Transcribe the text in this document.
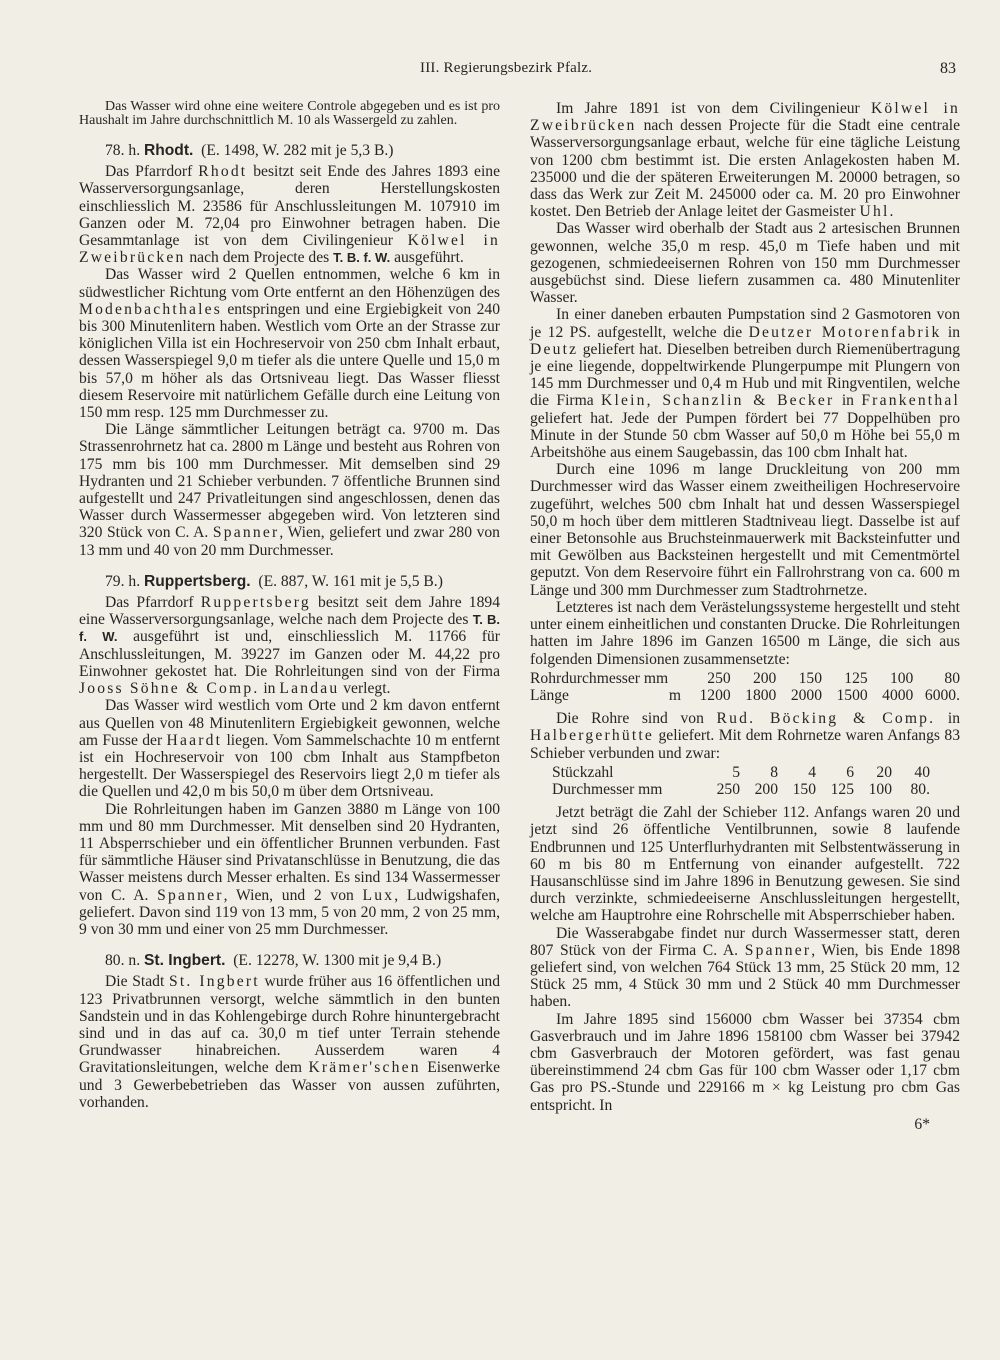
III. Regierungsbezirk Pfalz.	83

Das Wasser wird ohne eine weitere Controle abgegeben und es ist pro Haushalt im Jahre durchschnittlich M. 10 als Wassergeld zu zahlen.

78. h. Rhodt. (E. 1498, W. 282 mit je 5,3 B.)

Das Pfarrdorf Rhodt besitzt seit Ende des Jahres 1893 eine Wasserversorgungsanlage, deren Herstellungskosten einschliesslich M. 23586 für Anschlussleitungen M. 107910 im Ganzen oder M. 72,04 pro Einwohner betragen haben. Die Gesammtanlage ist von dem Civilingenieur Kölwel in Zweibrücken nach dem Projecte des T. B. f. W. ausgeführt.

Das Wasser wird 2 Quellen entnommen, welche 6 km in südwestlicher Richtung vom Orte entfernt an den Höhenzügen des Modenbachthales entspringen und eine Ergiebigkeit von 240 bis 300 Minutenlitern haben. Westlich vom Orte an der Strasse zur königlichen Villa ist ein Hochreservoir von 250 cbm Inhalt erbaut, dessen Wasserspiegel 9,0 m tiefer als die untere Quelle und 15,0 m bis 57,0 m höher als das Ortsniveau liegt. Das Wasser fliesst diesem Reservoire mit natürlichem Gefälle durch eine Leitung von 150 mm resp. 125 mm Durchmesser zu.

Die Länge sämmtlicher Leitungen beträgt ca. 9700 m. Das Strassenrohrnetz hat ca. 2800 m Länge und besteht aus Rohren von 175 mm bis 100 mm Durchmesser. Mit demselben sind 29 Hydranten und 21 Schieber verbunden. 7 öffentliche Brunnen sind aufgestellt und 247 Privatleitungen sind angeschlossen, denen das Wasser durch Wassermesser abgegeben wird. Von letzteren sind 320 Stück von C. A. Spanner, Wien, geliefert und zwar 280 von 13 mm und 40 von 20 mm Durchmesser.

79. h. Ruppertsberg. (E. 887, W. 161 mit je 5,5 B.)

Das Pfarrdorf Ruppertsberg besitzt seit dem Jahre 1894 eine Wasserversorgungsanlage, welche nach dem Projecte des T. B. f. W. ausgeführt ist und, einschliesslich M. 11766 für Anschlussleitungen, M. 39227 im Ganzen oder M. 44,22 pro Einwohner gekostet hat. Die Rohrleitungen sind von der Firma Jooss Söhne & Comp. in Landau verlegt.

Das Wasser wird westlich vom Orte und 2 km davon entfernt aus Quellen von 48 Minutenlitern Ergiebigkeit gewonnen, welche am Fusse der Haardt liegen. Vom Sammelschachte 10 m entfernt ist ein Hochreservoir von 100 cbm Inhalt aus Stampfbeton hergestellt. Der Wasserspiegel des Reservoirs liegt 2,0 m tiefer als die Quellen und 42,0 m bis 50,0 m über dem Ortsniveau.

Die Rohrleitungen haben im Ganzen 3880 m Länge von 100 mm und 80 mm Durchmesser. Mit denselben sind 20 Hydranten, 11 Absperrschieber und ein öffentlicher Brunnen verbunden. Fast für sämmtliche Häuser sind Privatanschlüsse in Benutzung, die das Wasser meistens durch Messer erhalten. Es sind 134 Wassermesser von C. A. Spanner, Wien, und 2 von Lux, Ludwigshafen, geliefert. Davon sind 119 von 13 mm, 5 von 20 mm, 2 von 25 mm, 9 von 30 mm und einer von 25 mm Durchmesser.

80. n. St. Ingbert. (E. 12278, W. 1300 mit je 9,4 B.)

Die Stadt St. Ingbert wurde früher aus 16 öffentlichen und 123 Privatbrunnen versorgt, welche sämmtlich in den bunten Sandstein und in das Kohlengebirge durch Rohre hinuntergebracht sind und in das auf ca. 30,0 m tief unter Terrain stehende Grundwasser hinabreichen. Ausserdem waren 4 Gravitationsleitungen, welche dem Krämer'schen Eisenwerke und 3 Gewerbebetrieben das Wasser von aussen zuführten, vorhanden.

Im Jahre 1891 ist von dem Civilingenieur Kölwel in Zweibrücken nach dessen Projecte für die Stadt eine centrale Wasserversorgungsanlage erbaut, welche für eine tägliche Leistung von 1200 cbm bestimmt ist. Die ersten Anlagekosten haben M. 235000 und die der späteren Erweiterungen M. 20000 betragen, so dass das Werk zur Zeit M. 245000 oder ca. M. 20 pro Einwohner kostet. Den Betrieb der Anlage leitet der Gasmeister Uhl.

Das Wasser wird oberhalb der Stadt aus 2 artesischen Brunnen gewonnen, welche 35,0 m resp. 45,0 m Tiefe haben und mit gezogenen, schmiedeeisernen Rohren von 150 mm Durchmesser ausgebüchst sind. Diese liefern zusammen ca. 480 Minutenliter Wasser.

In einer daneben erbauten Pumpstation sind 2 Gasmotoren von je 12 PS. aufgestellt, welche die Deutzer Motorenfabrik in Deutz geliefert hat. Dieselben betreiben durch Riemenübertragung je eine liegende, doppeltwirkende Plungerpumpe mit Plungern von 145 mm Durchmesser und 0,4 m Hub und mit Ringventilen, welche die Firma Klein, Schanzlin & Becker in Frankenthal geliefert hat. Jede der Pumpen fördert bei 77 Doppelhüben pro Minute in der Stunde 50 cbm Wasser auf 50,0 m Höhe bei 55,0 m Arbeitshöhe aus einem Saugebassin, das 100 cbm Inhalt hat.

Durch eine 1096 m lange Druckleitung von 200 mm Durchmesser wird das Wasser einem zweitheiligen Hochreservoire zugeführt, welches 500 cbm Inhalt hat und dessen Wasserspiegel 50,0 m hoch über dem mittleren Stadtniveau liegt. Dasselbe ist auf einer Betonsohle aus Bruchsteinmauerwerk mit Backsteinfutter und mit Gewölben aus Backsteinen hergestellt und mit Cementmörtel geputzt. Von dem Reservoire führt ein Fallrohrstrang von ca. 600 m Länge und 300 mm Durchmesser zum Stadtrohrnetze.

Letzteres ist nach dem Verästelungssysteme hergestellt und steht unter einem einheitlichen und constanten Drucke. Die Rohrleitungen hatten im Jahre 1896 im Ganzen 16500 m Länge, die sich aus folgenden Dimensionen zusammensetzte:

Rohrdurchmesser mm	250	200	150	125	100	80
Länge m	1200	1800	2000	1500	4000	6000.

Die Rohre sind von Rud. Böcking & Comp. in Halbergerhütte geliefert. Mit dem Rohrnetze waren Anfangs 83 Schieber verbunden und zwar:

Stückzahl	5	8	4	6	20	40
Durchmesser mm	250	200	150	125	100	80.

Jetzt beträgt die Zahl der Schieber 112. Anfangs waren 20 und jetzt sind 26 öffentliche Ventilbrunnen, sowie 8 laufende Endbrunnen und 125 Unterflurhydranten mit Selbstentwässerung in 60 m bis 80 m Entfernung von einander aufgestellt. 722 Hausanschlüsse sind im Jahre 1896 in Benutzung gewesen. Sie sind durch verzinkte, schmiedeeiserne Anschlussleitungen hergestellt, welche am Hauptrohre eine Rohrschelle mit Absperrschieber haben.

Die Wasserabgabe findet nur durch Wassermesser statt, deren 807 Stück von der Firma C. A. Spanner, Wien, bis Ende 1898 geliefert sind, von welchen 764 Stück 13 mm, 25 Stück 20 mm, 12 Stück 25 mm, 4 Stück 30 mm und 2 Stück 40 mm Durchmesser haben.

Im Jahre 1895 sind 156000 cbm Wasser bei 37354 cbm Gasverbrauch und im Jahre 1896 158100 cbm Wasser bei 37942 cbm Gasverbrauch der Motoren gefördert, was fast genau übereinstimmend 24 cbm Gas für 100 cbm Wasser oder 1,17 cbm Gas pro PS.-Stunde und 229166 m × kg Leistung pro cbm Gas entspricht. In

6*
